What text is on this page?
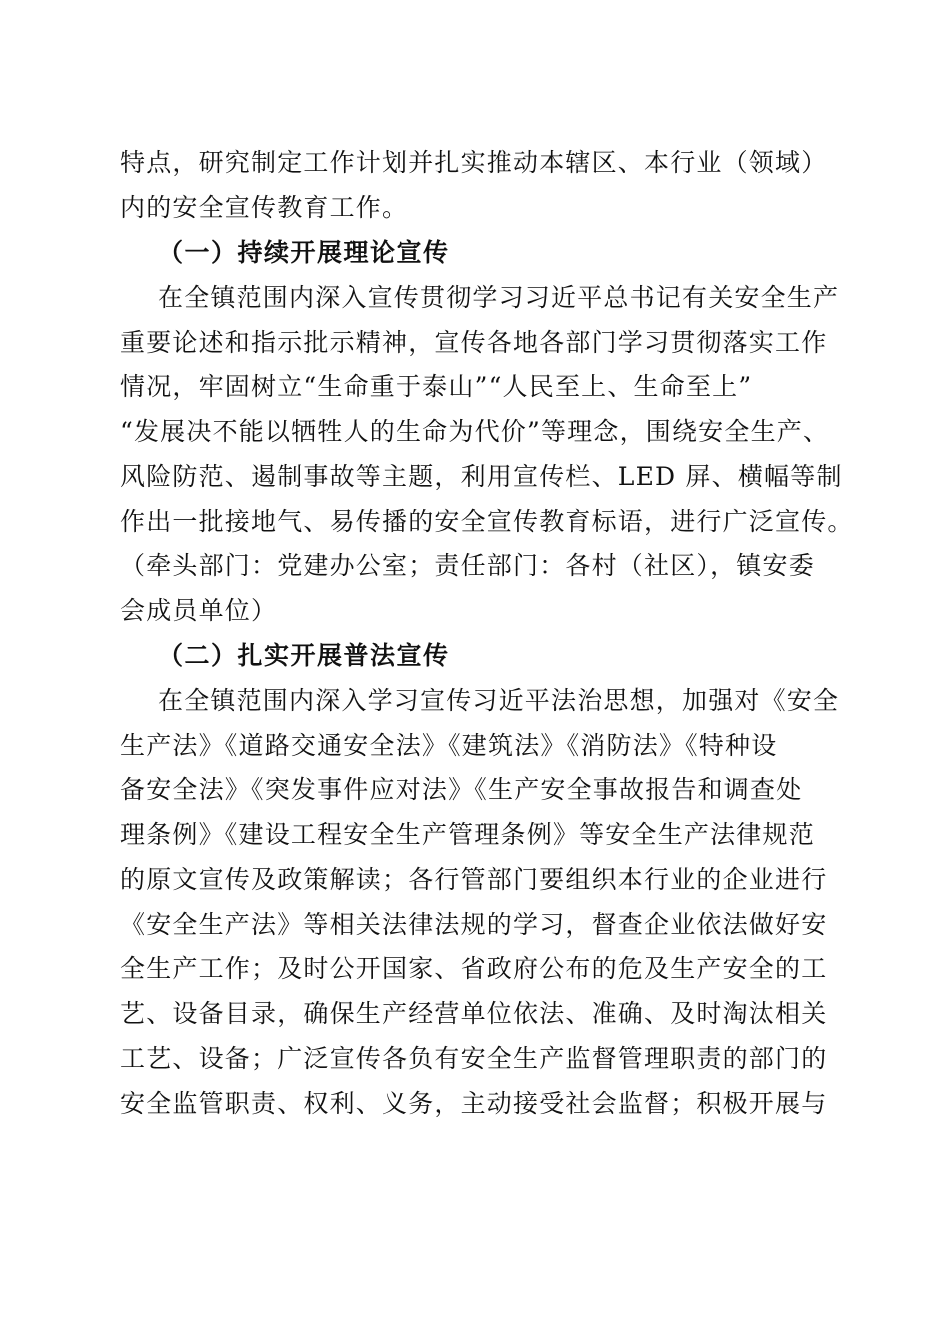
特点，研究制定工作计划并扎实推动本辖区、本行业（领域）
内的安全宣传教育工作。
（一）持续开展理论宣传
在全镇范围内深入宣传贯彻学习习近平总书记有关安全生产
重要论述和指示批示精神，宣传各地各部门学习贯彻落实工作
情况，牢固树立“生命重于泰山”“人民至上、生命至上”
“发展决不能以牺牲人的生命为代价”等理念，围绕安全生产、
风险防范、遏制事故等主题，利用宣传栏、LED 屏、横幅等制
作出一批接地气、易传播的安全宣传教育标语，进行广泛宣传。
（牵头部门：党建办公室；责任部门：各村（社区），镇安委
会成员单位）
（二）扎实开展普法宣传
在全镇范围内深入学习宣传习近平法治思想，加强对《安全
生产法》《道路交通安全法》《建筑法》《消防法》《特种设
备安全法》《突发事件应对法》《生产安全事故报告和调查处
理条例》《建设工程安全生产管理条例》等安全生产法律规范
的原文宣传及政策解读；各行管部门要组织本行业的企业进行
《安全生产法》等相关法律法规的学习，督查企业依法做好安
全生产工作；及时公开国家、省政府公布的危及生产安全的工
艺、设备目录，确保生产经营单位依法、准确、及时淘汰相关
工艺、设备；广泛宣传各负有安全生产监督管理职责的部门的
安全监管职责、权利、义务，主动接受社会监督；积极开展与
